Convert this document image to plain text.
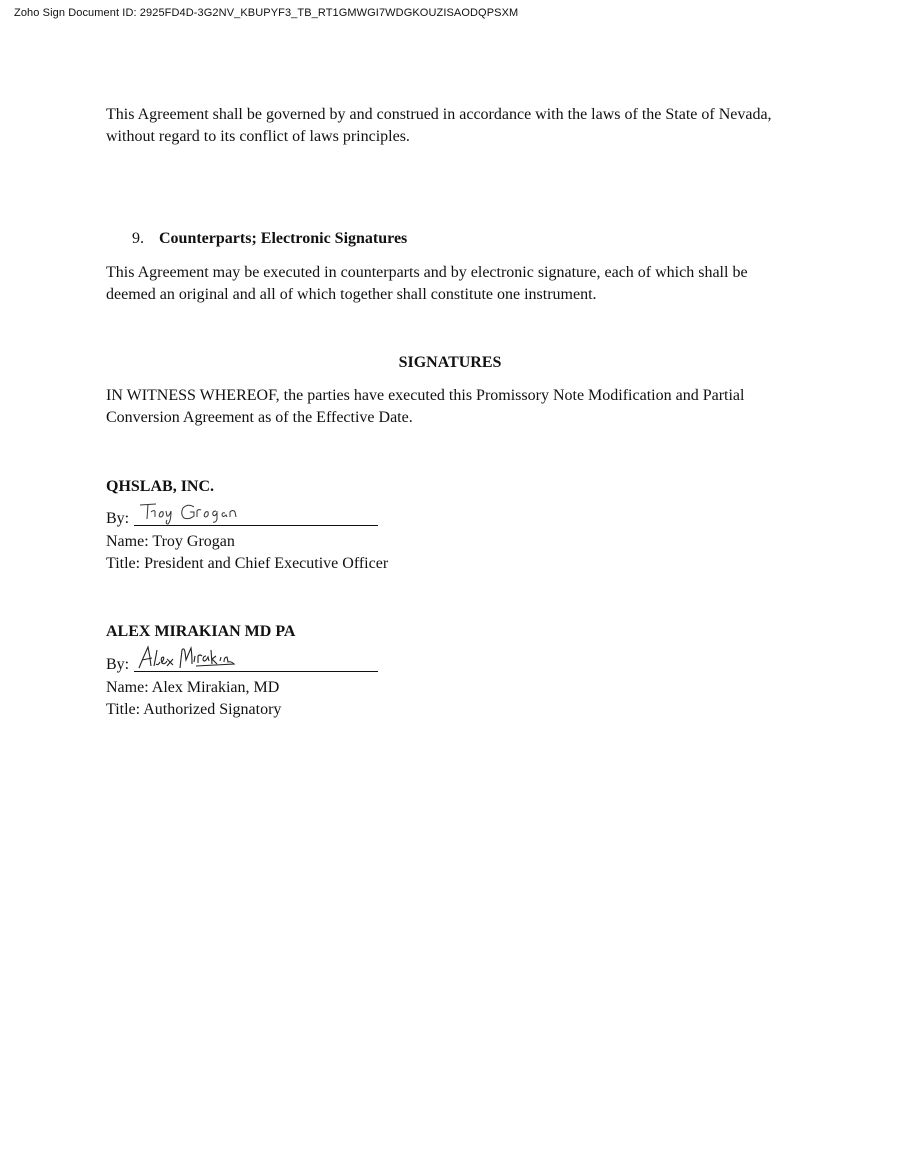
Zoho Sign Document ID: 2925FD4D-3G2NV_KBUPYF3_TB_RT1GMWGI7WDGKOUZISAODQPSXM

This Agreement shall be governed by and construed in accordance with the laws of the State of Nevada, without regard to its conflict of laws principles.

9. Counterparts; Electronic Signatures

This Agreement may be executed in counterparts and by electronic signature, each of which shall be deemed an original and all of which together shall constitute one instrument.

SIGNATURES

IN WITNESS WHEREOF, the parties have executed this Promissory Note Modification and Partial Conversion Agreement as of the Effective Date.

QHSLAB, INC.
By:
Name: Troy Grogan
Title: President and Chief Executive Officer
ALEX MIRAKIAN MD PA
By:
Name: Alex Mirakian, MD
Title: Authorized Signatory
